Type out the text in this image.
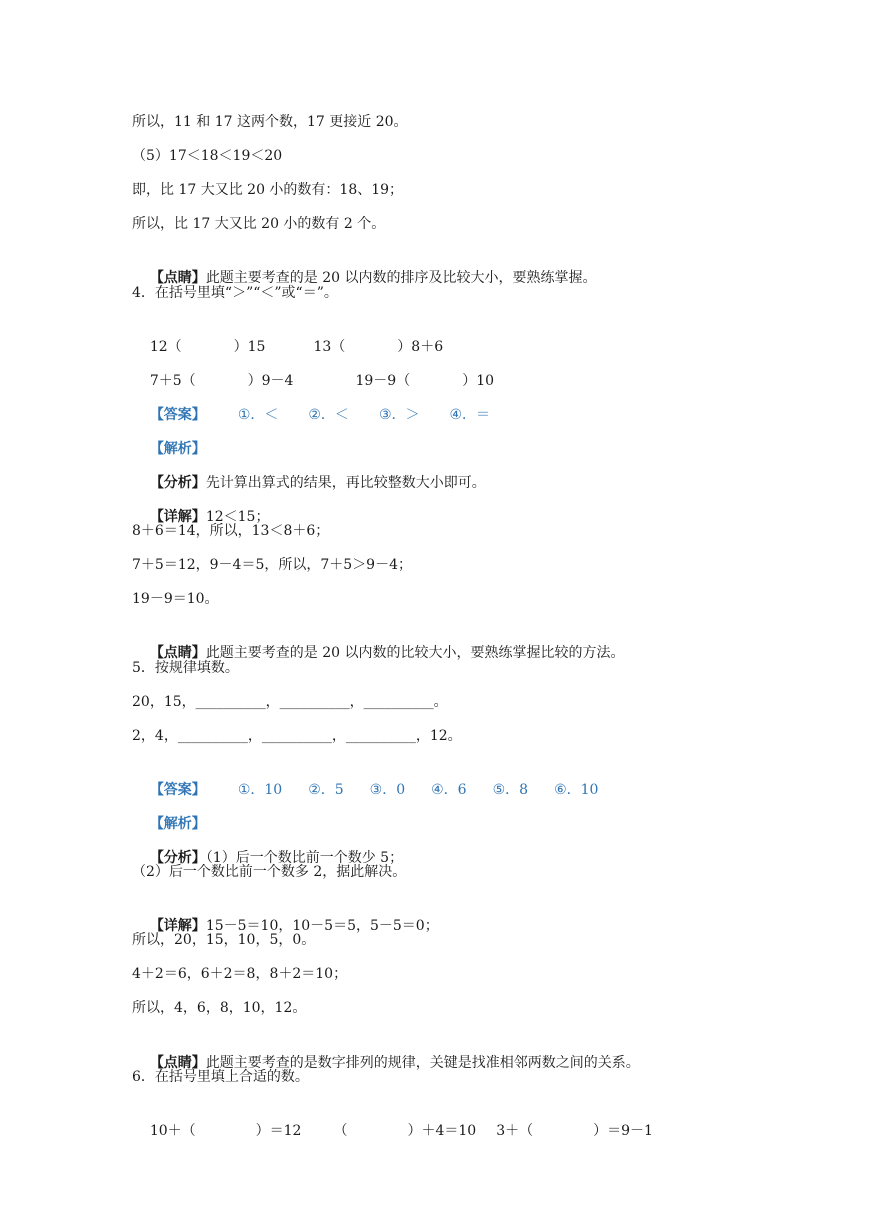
所以，11 和 17 这两个数，17 更接近 20。
（5）17＜18＜19＜20
即，比 17 大又比 20 小的数有：18、19；
所以，比 17 大又比 20 小的数有 2 个。

【点睛】此题主要考查的是 20 以内数的排序及比较大小，要熟练掌握。

4．在括号里填“＞”“＜”或“＝”。

12（	）15	13（	）8＋6

7＋5（	）9－4	19－9（	）10

【答案】 ①．＜ ②．＜ ③．＞ ④．＝

【解析】

【分析】先计算出算式的结果，再比较整数大小即可。

【详解】12＜15；

8＋6＝14，所以，13＜8＋6；
7＋5＝12，9－4＝5，所以，7＋5＞9－4；
19－9＝10。

【点睛】此题主要考查的是 20 以内数的比较大小，要熟练掌握比较的方法。

5．按规律填数。
20，15，__________，__________，__________。
2，4，__________，__________，__________，12。

【答案】 ①．10 ②．5 ③．0 ④．6 ⑤．8 ⑥．10

【解析】

【分析】（1）后一个数比前一个数少 5；

（2）后一个数比前一个数多 2，据此解决。

【详解】15－5＝10，10－5＝5，5－5＝0；

所以，20，15，10，5，0。
4＋2＝6，6＋2＝8，8＋2＝10；
所以，4，6，8，10，12。

【点睛】此题主要考查的是数字排列的规律，关键是找准相邻两数之间的关系。

6．在括号里填上合适的数。

10＋（	）＝12 （	）＋4＝10 3＋（	）＝9－1
